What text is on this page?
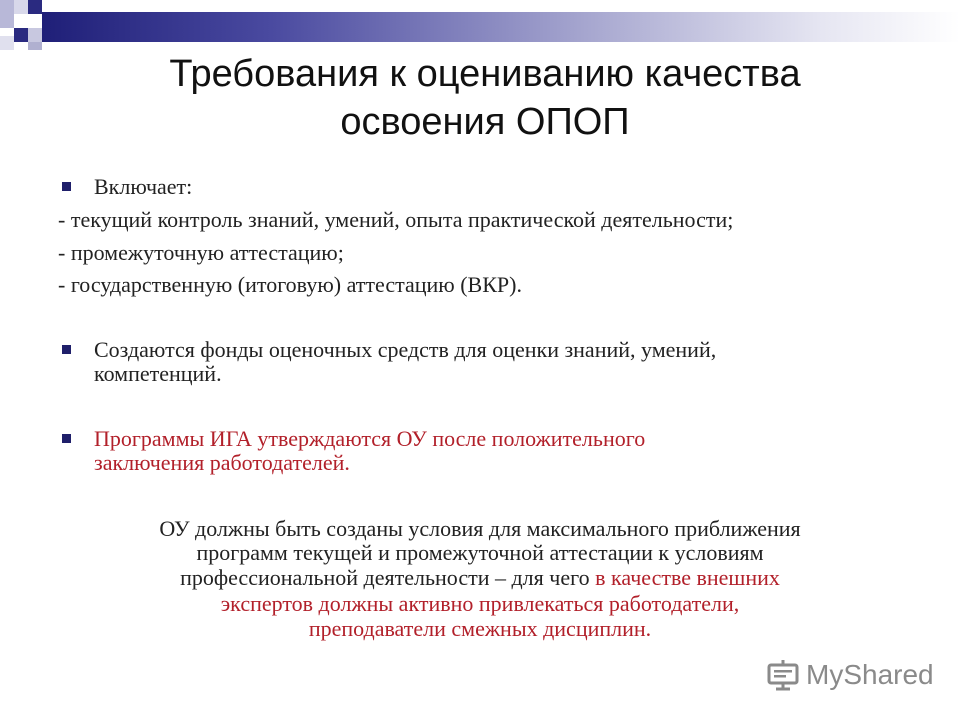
Требования к оцениванию качества
освоения ОПОП
Включает:
- текущий контроль знаний, умений, опыта практической деятельности;
- промежуточную аттестацию;
- государственную (итоговую) аттестацию (ВКР).
Создаются фонды оценочных средств для оценки знаний, умений,
компетенций.
Программы ИГА утверждаются ОУ после положительного
заключения работодателей.
ОУ должны быть созданы условия для максимального приближения
программ текущей и промежуточной аттестации к условиям
профессиональной деятельности – для чего в качестве внешних
экспертов должны активно привлекаться работодатели,
преподаватели смежных дисциплин.
MyShared
